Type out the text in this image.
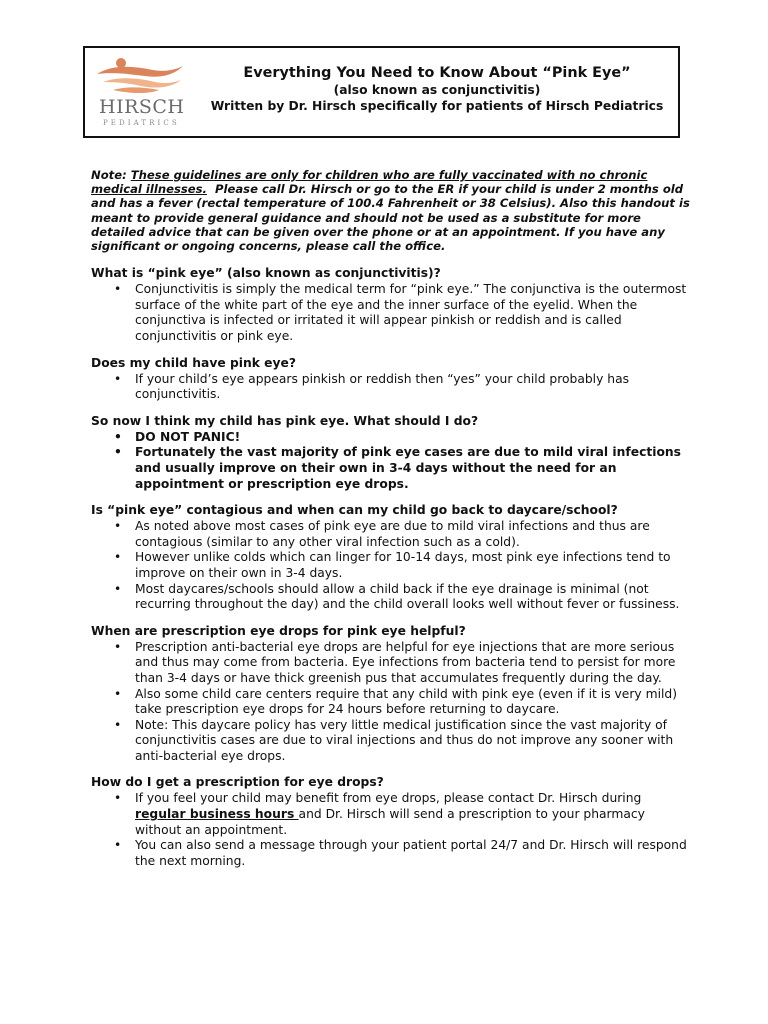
HIRSCH
PEDIATRICS
Everything You Need to Know About “Pink Eye”
(also known as conjunctivitis)
Written by Dr. Hirsch specifically for patients of Hirsch Pediatrics

Note: These guidelines are only for children who are fully vaccinated with no chronic medical illnesses.  Please call Dr. Hirsch or go to the ER if your child is under 2 months old and has a fever (rectal temperature of 100.4 Fahrenheit or 38 Celsius). Also this handout is meant to provide general guidance and should not be used as a substitute for more detailed advice that can be given over the phone or at an appointment. If you have any significant or ongoing concerns, please call the office.

What is “pink eye” (also known as conjunctivitis)?
• Conjunctivitis is simply the medical term for “pink eye.” The conjunctiva is the outermost surface of the white part of the eye and the inner surface of the eyelid. When the conjunctiva is infected or irritated it will appear pinkish or reddish and is called conjunctivitis or pink eye.
Does my child have pink eye?
• If your child’s eye appears pinkish or reddish then “yes” your child probably has conjunctivitis.
So now I think my child has pink eye. What should I do?
• DO NOT PANIC!
• Fortunately the vast majority of pink eye cases are due to mild viral infections and usually improve on their own in 3-4 days without the need for an appointment or prescription eye drops.
Is “pink eye” contagious and when can my child go back to daycare/school?
• As noted above most cases of pink eye are due to mild viral infections and thus are contagious (similar to any other viral infection such as a cold).
• However unlike colds which can linger for 10-14 days, most pink eye infections tend to improve on their own in 3-4 days.
• Most daycares/schools should allow a child back if the eye drainage is minimal (not recurring throughout the day) and the child overall looks well without fever or fussiness.
When are prescription eye drops for pink eye helpful?
• Prescription anti-bacterial eye drops are helpful for eye injections that are more serious and thus may come from bacteria. Eye infections from bacteria tend to persist for more than 3-4 days or have thick greenish pus that accumulates frequently during the day.
• Also some child care centers require that any child with pink eye (even if it is very mild) take prescription eye drops for 24 hours before returning to daycare.
• Note: This daycare policy has very little medical justification since the vast majority of conjunctivitis cases are due to viral injections and thus do not improve any sooner with anti-bacterial eye drops.
How do I get a prescription for eye drops?
• If you feel your child may benefit from eye drops, please contact Dr. Hirsch during regular business hours and Dr. Hirsch will send a prescription to your pharmacy without an appointment.
• You can also send a message through your patient portal 24/7 and Dr. Hirsch will respond the next morning.
